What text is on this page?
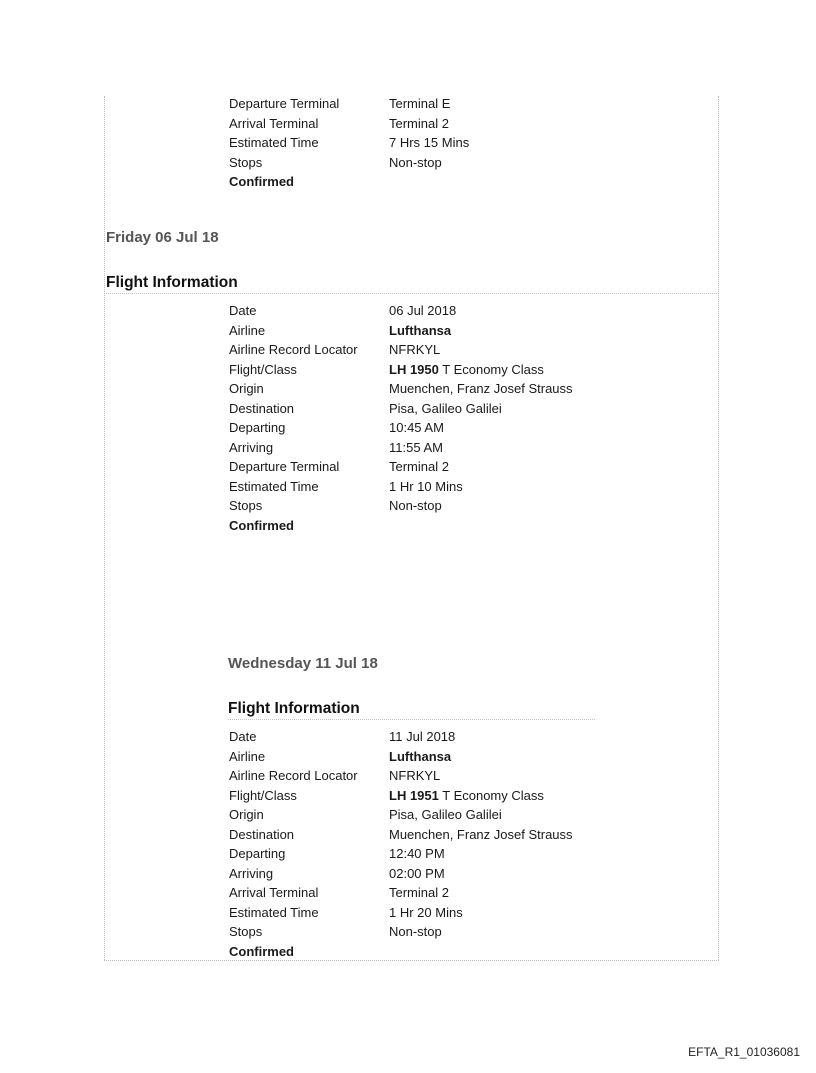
Departure Terminal	Terminal E
Arrival Terminal	Terminal 2
Estimated Time	7 Hrs 15 Mins
Stops	Non-stop
Confirmed
Friday 06 Jul 18
Flight Information
Date	06 Jul 2018
Airline	Lufthansa
Airline Record Locator	NFRKYL
Flight/Class	LH 1950 T Economy Class
Origin	Muenchen, Franz Josef Strauss
Destination	Pisa, Galileo Galilei
Departing	10:45 AM
Arriving	11:55 AM
Departure Terminal	Terminal 2
Estimated Time	1 Hr 10 Mins
Stops	Non-stop
Confirmed
Wednesday 11 Jul 18
Flight Information
Date	11 Jul 2018
Airline	Lufthansa
Airline Record Locator	NFRKYL
Flight/Class	LH 1951 T Economy Class
Origin	Pisa, Galileo Galilei
Destination	Muenchen, Franz Josef Strauss
Departing	12:40 PM
Arriving	02:00 PM
Arrival Terminal	Terminal 2
Estimated Time	1 Hr 20 Mins
Stops	Non-stop
Confirmed
EFTA_R1_01036081
